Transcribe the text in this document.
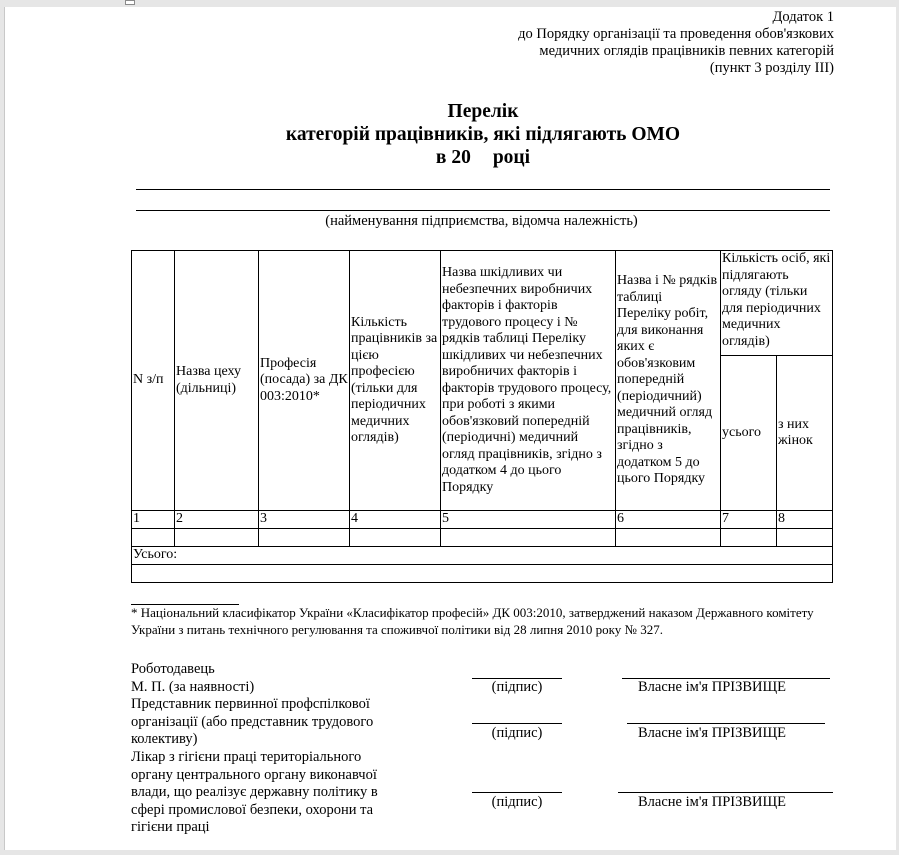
Додаток 1
до Порядку організації та проведення обов'язкових
медичних оглядів працівників певних категорій
(пункт 3 розділу III)
Перелік
категорій працівників, які підлягають ОМО
в 20 році
(найменування підприємства, відомча належність)
N з/п	Назва цеху (дільниці)	Професія (посада) за ДК 003:2010*	Кількість працівників за цією професією (тільки для періодичних медичних оглядів)	Назва шкідливих чи небезпечних виробничих факторів і факторів трудового процесу і № рядків таблиці Переліку шкідливих чи небезпечних виробничих факторів і факторів трудового процесу, при роботі з якими обов'язковий попередній (періодичні) медичний огляд працівників, згідно з додатком 4 до цього Порядку	Назва і № рядків таблиці Переліку робіт, для виконання яких є обов'язковим попередній (періодичний) медичний огляд працівників, згідно з додатком 5 до цього Порядку	Кількість осіб, які підлягають огляду (тільки для періодичних медичних оглядів)	
						усього	з них жінок
1	2	3	4	5	6	7	8

Усього:							

* Національний класифікатор України «Класифікатор професій» ДК 003:2010, затверджений наказом Державного комітету України з питань технічного регулювання та споживчої політики від 28 липня 2010 року № 327.
Роботодавець
М. П. (за наявності)	(підпис)	Власне ім'я ПРІЗВИЩЕ
Представник первинної профспілкової організації (або представник трудового колективу)	(підпис)	Власне ім'я ПРІЗВИЩЕ
Лікар з гігієни праці територіального органу центрального органу виконавчої влади, що реалізує державну політику в сфері промислової безпеки, охорони та гігієни праці
(підпис)	Власне ім'я ПРІЗВИЩЕ
